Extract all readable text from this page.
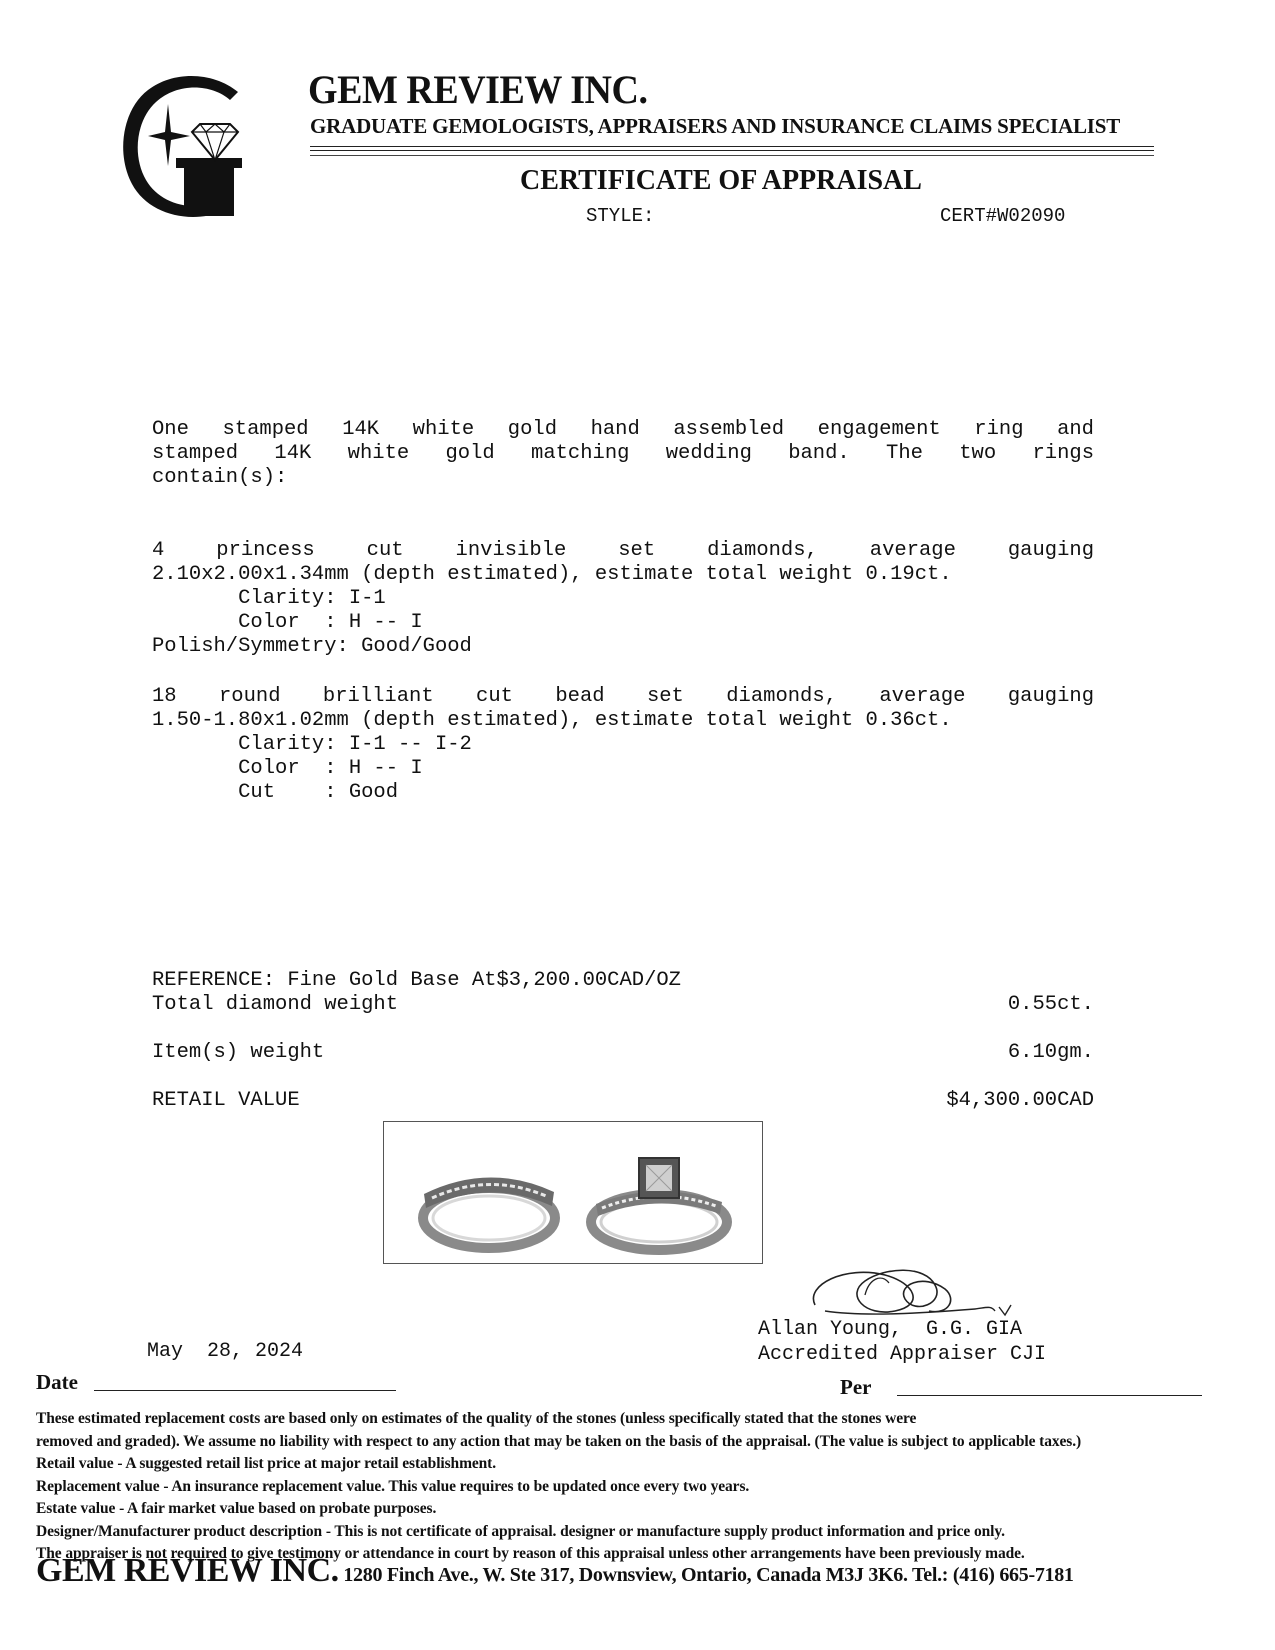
GEM REVIEW INC.
GRADUATE GEMOLOGISTS, APPRAISERS AND INSURANCE CLAIMS SPECIALIST
CERTIFICATE OF APPRAISAL
STYLE:	CERT#W02090
One stamped 14K white gold hand assembled engagement ring and
stamped 14K white gold matching wedding band. The two rings
contain(s):
4 princess cut invisible set diamonds, average gauging
2.10x2.00x1.34mm (depth estimated), estimate total weight 0.19ct.
Clarity: I-1
Color  : H -- I
Polish/Symmetry: Good/Good
18 round brilliant cut bead set diamonds, average gauging
1.50-1.80x1.02mm (depth estimated), estimate total weight 0.36ct.
Clarity: I-1 -- I-2
Color  : H -- I
Cut    : Good
REFERENCE: Fine Gold Base At$3,200.00CAD/OZ
Total diamond weight	0.55ct.
Item(s) weight	6.10gm.
RETAIL VALUE	$4,300.00CAD
Allan Young,  G.G. GIA
Accredited Appraiser CJI
May  28, 2024
Date	Per
These estimated replacement costs are based only on estimates of the quality of the stones (unless specifically stated that the stones were
removed and graded). We assume no liability with respect to any action that may be taken on the basis of the appraisal. (The value is subject to applicable taxes.)
Retail value - A suggested retail list price at major retail establishment.
Replacement value - An insurance replacement value. This value requires to be updated once every two years.
Estate value - A fair market value based on probate purposes.
Designer/Manufacturer product description - This is not certificate of appraisal. designer or manufacture supply product information and price only.
The appraiser is not required to give testimony or attendance in court by reason of this appraisal unless other arrangements have been previously made.
GEM REVIEW INC. 1280 Finch Ave., W. Ste 317, Downsview, Ontario, Canada M3J 3K6. Tel.: (416) 665-7181
